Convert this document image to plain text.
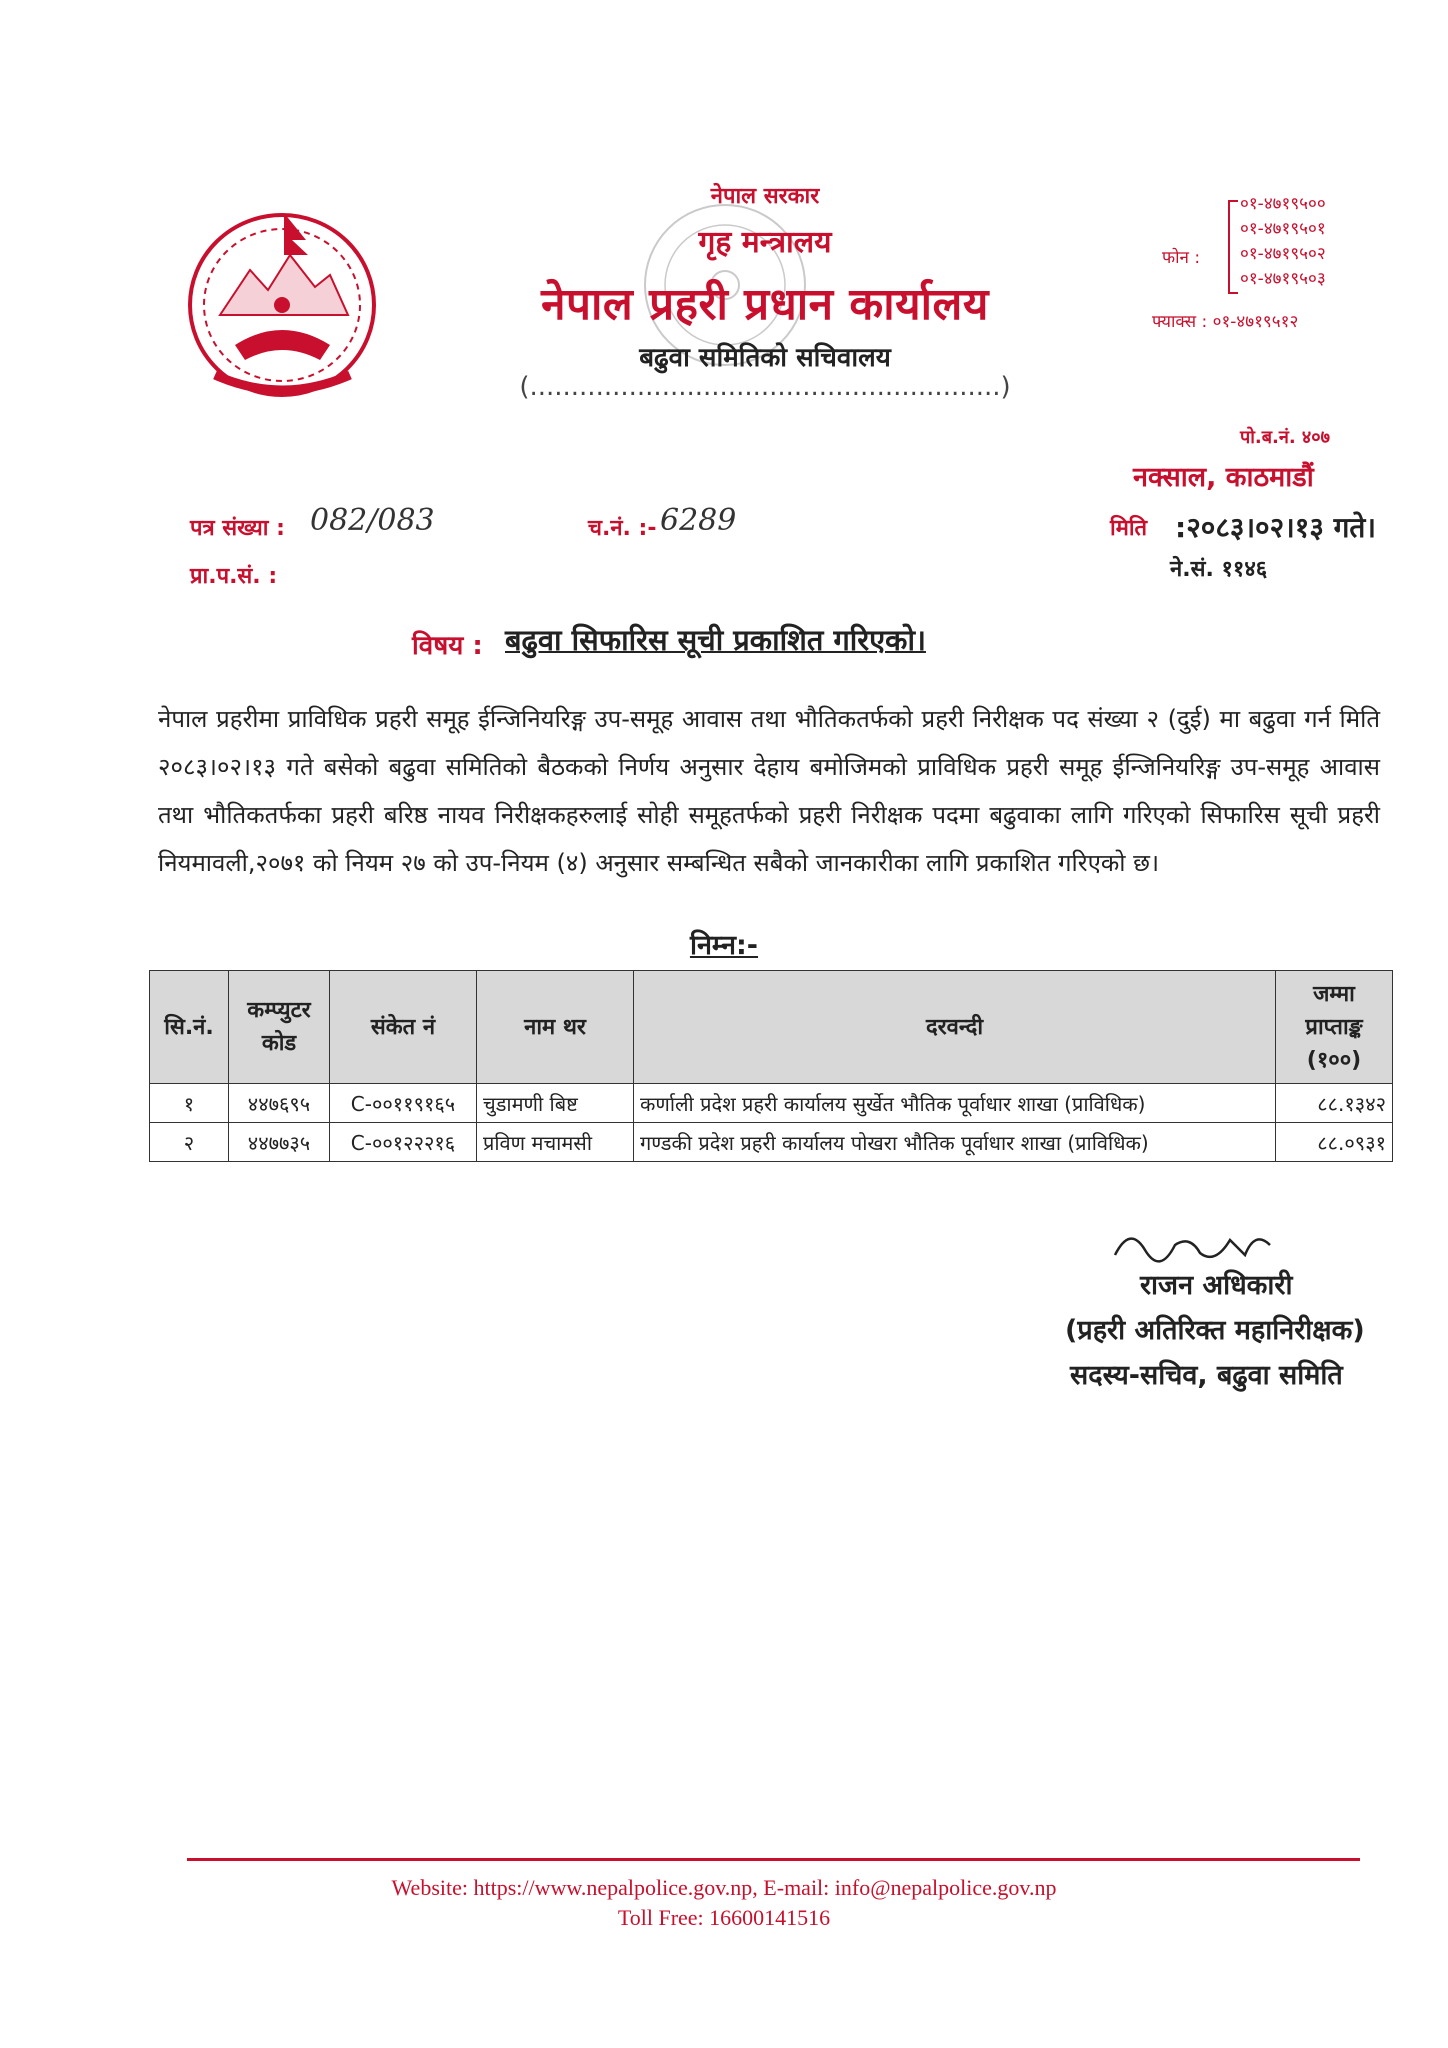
नेपाल सरकार
गृह मन्त्रालय
नेपाल प्रहरी प्रधान कार्यालय
बढुवा समितिको सचिवालय
(.........................................................)
फोन :
०१-४७१९५००
०१-४७१९५०१
०१-४७१९५०२
०१-४७१९५०३
फ्याक्स : ०१-४७१९५१२
पो.ब.नं. ४०७
नक्साल, काठमाडौं
पत्र संख्या : 082/083	च.नं. :- 6289	मिति :२०८३।०२।१३ गते।
प्रा.प.सं. :	ने.सं. ११४६
विषय : बढुवा सिफारिस सूची प्रकाशित गरिएको।
नेपाल प्रहरीमा प्राविधिक प्रहरी समूह ईन्जिनियरिङ्ग उप-समूह आवास तथा भौतिकतर्फको प्रहरी निरीक्षक पद संख्या २ (दुई) मा बढुवा गर्न मिति २०८३।०२।१३ गते बसेको बढुवा समितिको बैठकको निर्णय अनुसार देहाय बमोजिमको प्राविधिक प्रहरी समूह ईन्जिनियरिङ्ग उप-समूह आवास तथा भौतिकतर्फका प्रहरी बरिष्ठ नायव निरीक्षकहरुलाई सोही समूहतर्फको प्रहरी निरीक्षक पदमा बढुवाका लागि गरिएको सिफारिस सूची प्रहरी नियमावली,२०७१ को नियम २७ को उप-नियम (४) अनुसार सम्बन्धित सबैको जानकारीका लागि प्रकाशित गरिएको छ।
निम्न:-
सि.नं.	कम्प्युटर कोड	संकेत नं	नाम थर	दरवन्दी	जम्मा प्राप्ताङ्क (१००)
१	४४७६९५	C-००११९१६५	चुडामणी बिष्ट	कर्णाली प्रदेश प्रहरी कार्यालय सुर्खेत भौतिक पूर्वाधार शाखा (प्राविधिक)	८८.१३४२
२	४४७७३५	C-००१२२२१६	प्रविण मचामसी	गण्डकी प्रदेश प्रहरी कार्यालय पोखरा भौतिक पूर्वाधार शाखा (प्राविधिक)	८८.०९३१
राजन अधिकारी
(प्रहरी अतिरिक्त महानिरीक्षक)
सदस्य-सचिव, बढुवा समिति
Website: https://www.nepalpolice.gov.np, E-mail: info@nepalpolice.gov.np
Toll Free: 16600141516
